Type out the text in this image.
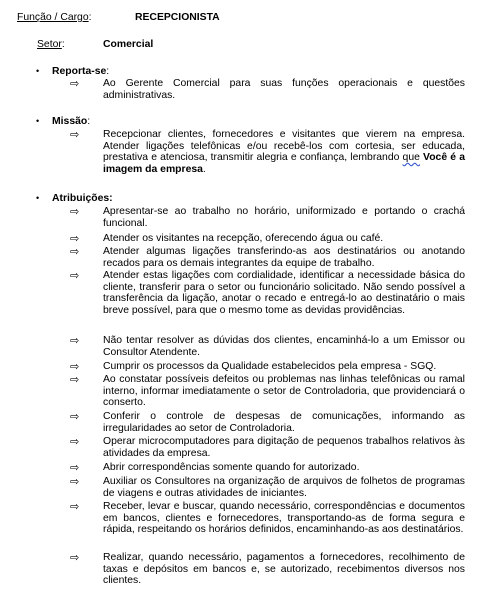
Função / Cargo:	RECEPCIONISTA
Setor:	Comercial
• Reporta-se:
⇨ Ao Gerente Comercial para suas funções operacionais e questões administrativas.
• Missão:
⇨ Recepcionar clientes, fornecedores e visitantes que vierem na empresa. Atender ligações telefônicas e/ou recebê-los com cortesia, ser educada, prestativa e atenciosa, transmitir alegria e confiança, lembrando que Você é a imagem da empresa.
• Atribuições:
⇨ Apresentar-se ao trabalho no horário, uniformizado e portando o crachá funcional.
⇨ Atender os visitantes na recepção, oferecendo água ou café.
⇨ Atender algumas ligações transferindo-as aos destinatários ou anotando recados para os demais integrantes da equipe de trabalho.
⇨ Atender estas ligações com cordialidade, identificar a necessidade básica do cliente, transferir para o setor ou funcionário solicitado. Não sendo possível a transferência da ligação, anotar o recado e entregá-lo ao destinatário o mais breve possível, para que o mesmo tome as devidas providências.
⇨ Não tentar resolver as dúvidas dos clientes, encaminhá-lo a um Emissor ou Consultor Atendente.
⇨ Cumprir os processos da Qualidade estabelecidos pela empresa - SGQ.
⇨ Ao constatar possíveis defeitos ou problemas nas linhas telefônicas ou ramal interno, informar imediatamente o setor de Controladoria, que providenciará o conserto.
⇨ Conferir o controle de despesas de comunicações, informando as irregularidades ao setor de Controladoria.
⇨ Operar microcomputadores para digitação de pequenos trabalhos relativos às atividades da empresa.
⇨ Abrir correspondências somente quando for autorizado.
⇨ Auxiliar os Consultores na organização de arquivos de folhetos de programas de viagens e outras atividades de iniciantes.
⇨ Receber, levar e buscar, quando necessário, correspondências e documentos em bancos, clientes e fornecedores, transportando-as de forma segura e rápida, respeitando os horários definidos, encaminhando-as aos destinatários.
⇨ Realizar, quando necessário, pagamentos a fornecedores, recolhimento de taxas e depósitos em bancos e, se autorizado, recebimentos diversos nos clientes.
